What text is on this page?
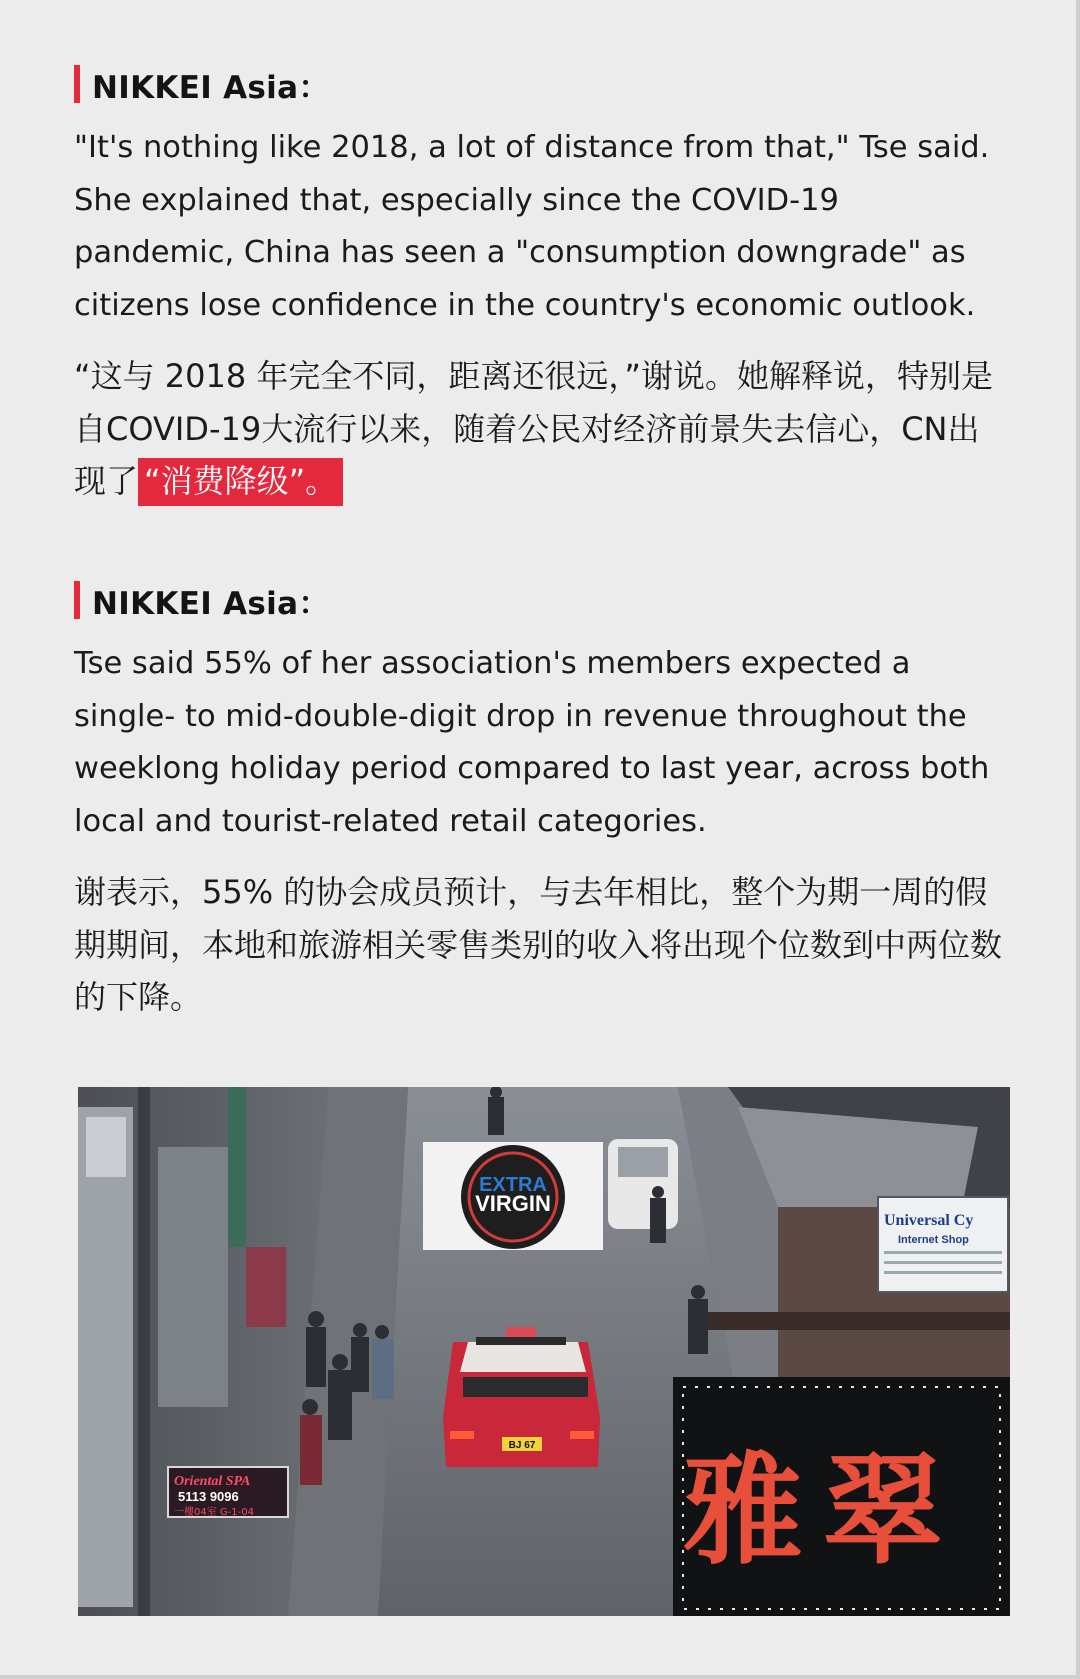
NIKKEI Asia：

"It's nothing like 2018, a lot of distance from that," Tse said. She explained that, especially since the COVID-19 pandemic, China has seen a "consumption downgrade" as citizens lose confidence in the country's economic outlook.

“这与 2018 年完全不同，距离还很远，”谢说。她解释说，特别是自COVID-19大流行以来，随着公民对经济前景失去信心，CN出现了 “消费降级”。

NIKKEI Asia：

Tse said 55% of her association's members expected a single- to mid-double-digit drop in revenue throughout the weeklong holiday period compared to last year, across both local and tourist-related retail categories.

谢表示，55% 的协会成员预计，与去年相比，整个为期一周的假期期间，本地和旅游相关零售类别的收入将出现个位数到中两位数的下降。

Oriental SPA
5113 9096
一樓04室 G-1-04
EXTRA
VIRGIN
BJ 67
Universal Cy
Internet Shop
雅翠
